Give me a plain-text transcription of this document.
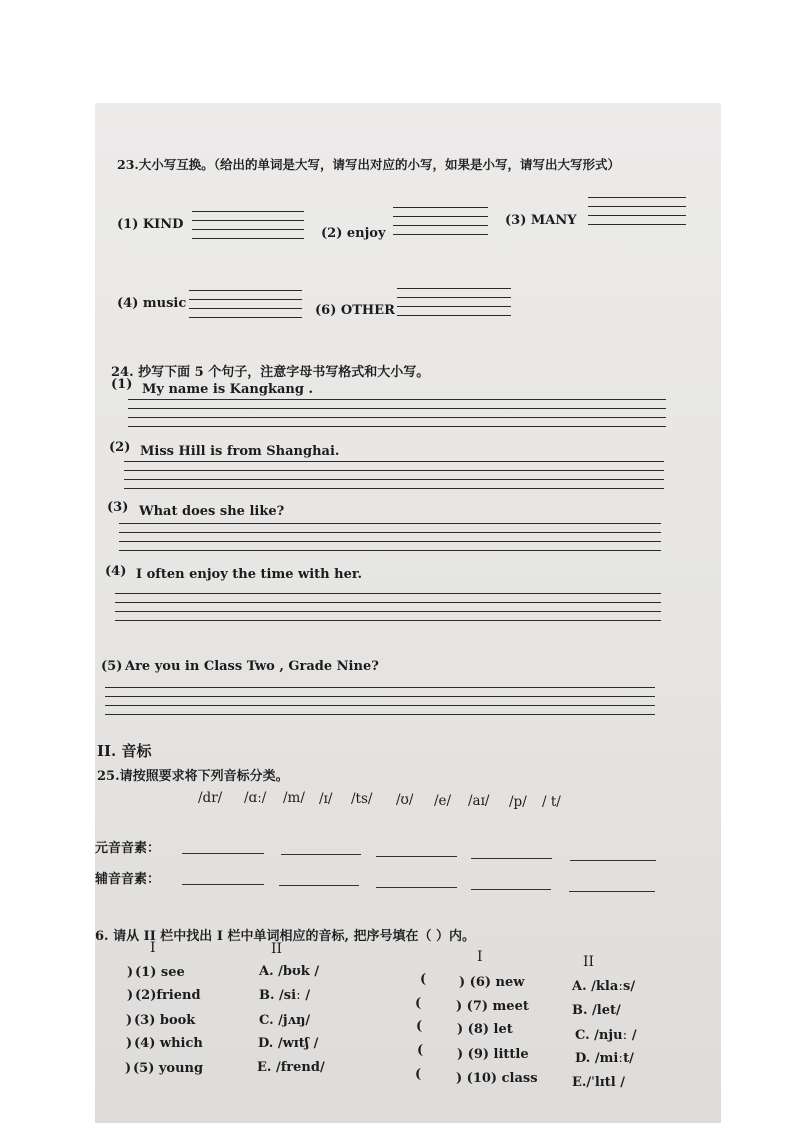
23.大小写互换。（给出的单词是大写，请写出对应的小写，如果是小写，请写出大写形式）
(1) KIND
(2) enjoy
(3) MANY
(4) music	(6) OTHER
24. 抄写下面 5 个句子，注意字母书写格式和大小写。
(1) My name is Kangkang .
(2) Miss Hill is from Shanghai.
(3) What does she like?
(4) I often enjoy the time with her.
(5) Are you in Class Two , Grade Nine?
II. 音标
25.请按照要求将下列音标分类。
/dr/ /ɑː/ /m/ /ɪ/ /ts/ /ʊ/ /e/ /aɪ/ /p/ / t/
元音音素：
辅音音素：
6. 请从 II 栏中找出 I 栏中单词相应的音标, 把序号填在（ ）内。
I	II	I	II
) (1) see	A. /bʊk /
) (2)friend	B. /siː /
) (3) book	C. /jʌŋ/
) (4) which	D. /wɪtʃ /
) (5) young	E. /frend/
(	) (6) new	A. /klaːs/
(	) (7) meet	B. /let/
(	) (8) let	C. /njuː /
(	) (9) little	D. /miːt/
(	) (10) class	E./ˈlɪtl /
